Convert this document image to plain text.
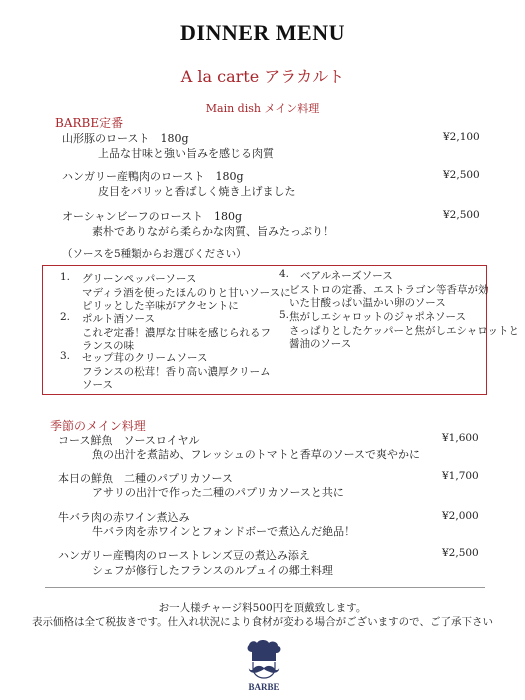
DINNER MENU
A la carte アラカルト
Main dish メイン料理
BARBE定番
山形豚のロースト　180g
上品な甘味と強い旨みを感じる肉質
¥2,100
ハンガリー産鴨肉のロースト　180g
皮目をパリッと香ばしく焼き上げました
¥2,500
オーシャンビーフのロースト　180g
素朴でありながら柔らかな肉質、旨みたっぷり！
¥2,500
（ソースを5種類からお選びください）
1. グリーンペッパーソース
マディラ酒を使ったほんのりと甘いソースに
ピリッとした辛味がアクセントに
2. ポルト酒ソース
これぞ定番！濃厚な甘味を感じられるフ
ランスの味
3. セップ茸のクリームソース
フランスの松茸！香り高い濃厚クリーム
ソース
4. ベアルネーズソース
ビストロの定番、エストラゴン等香草が効
いた甘酸っぱい温かい卵のソース
5. 焦がしエシャロットのジャポネソース
さっぱりとしたケッパーと焦がしエシャロットと
醤油のソース
季節のメイン料理
コース鮮魚　ソースロイヤル
魚の出汁を煮詰め、フレッシュのトマトと香草のソースで爽やかに
¥1,600
本日の鮮魚　二種のパプリカソース
アサリの出汁で作った二種のパプリカソースと共に
¥1,700
牛バラ肉の赤ワイン煮込み
牛バラ肉を赤ワインとフォンドボーで煮込んだ絶品！
¥2,000
ハンガリー産鴨肉のローストレンズ豆の煮込み添え
シェフが修行したフランスのルプュイの郷土料理
¥2,500
お一人様チャージ料500円を頂戴致します。
表示価格は全て税抜きです。仕入れ状況により食材が変わる場合がございますので、ご了承下さい
BARBE
